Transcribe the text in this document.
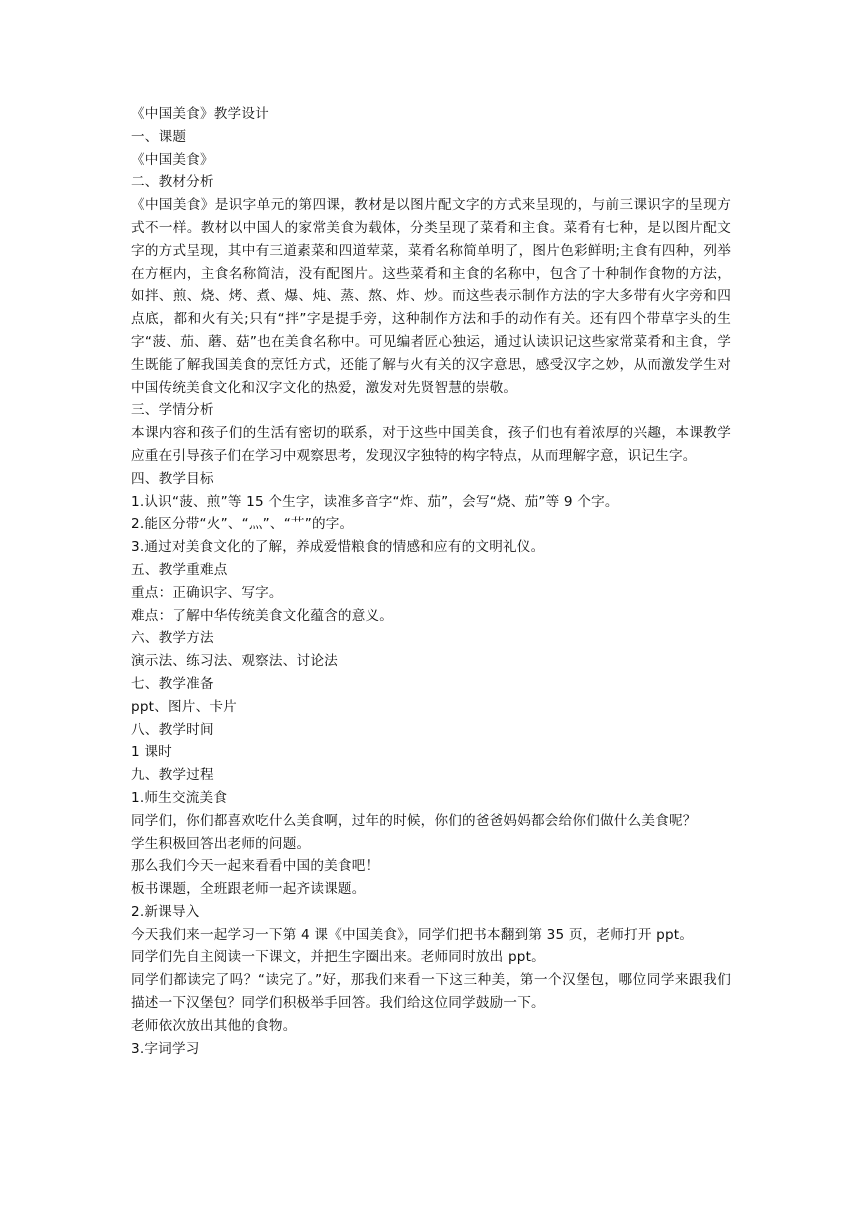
《中国美食》教学设计

一、课题

《中国美食》

二、教材分析

《中国美食》是识字单元的第四课，教材是以图片配文字的方式来呈现的，与前三课识字的呈现方式不一样。教材以中国人的家常美食为载体，分类呈现了菜肴和主食。菜肴有七种，是以图片配文字的方式呈现，其中有三道素菜和四道荤菜，菜肴名称简单明了，图片色彩鲜明;主食有四种，列举在方框内，主食名称简洁，没有配图片。这些菜肴和主食的名称中，包含了十种制作食物的方法，如拌、煎、烧、烤、煮、爆、炖、蒸、熬、炸、炒。而这些表示制作方法的字大多带有火字旁和四点底，都和火有关;只有“拌”字是提手旁，这种制作方法和手的动作有关。还有四个带草字头的生字“菠、茄、蘑、菇”也在美食名称中。可见编者匠心独运，通过认读识记这些家常菜肴和主食，学生既能了解我国美食的烹饪方式，还能了解与火有关的汉字意思，感受汉字之妙，从而激发学生对中国传统美食文化和汉字文化的热爱，激发对先贤智慧的崇敬。

三、学情分析

本课内容和孩子们的生活有密切的联系，对于这些中国美食，孩子们也有着浓厚的兴趣，本课教学应重在引导孩子们在学习中观察思考，发现汉字独特的构字特点，从而理解字意，识记生字。

四、教学目标

1.认识“菠、煎”等 15 个生字，读准多音字“炸、茄”，会写“烧、茄”等 9 个字。

2.能区分带“火”、“灬”、“艹”的字。

3.通过对美食文化的了解，养成爱惜粮食的情感和应有的文明礼仪。

五、教学重难点

重点：正确识字、写字。

难点：了解中华传统美食文化蕴含的意义。

六、教学方法

演示法、练习法、观察法、讨论法

七、教学准备

ppt、图片、卡片

八、教学时间

1 课时

九、教学过程

1.师生交流美食

同学们，你们都喜欢吃什么美食啊，过年的时候，你们的爸爸妈妈都会给你们做什么美食呢？

学生积极回答出老师的问题。

那么我们今天一起来看看中国的美食吧！

板书课题，全班跟老师一起齐读课题。

2.新课导入

今天我们来一起学习一下第 4 课《中国美食》，同学们把书本翻到第 35 页，老师打开 ppt。

同学们先自主阅读一下课文，并把生字圈出来。老师同时放出 ppt。

同学们都读完了吗？“读完了。”好，那我们来看一下这三种美，第一个汉堡包，哪位同学来跟我们描述一下汉堡包？同学们积极举手回答。我们给这位同学鼓励一下。

老师依次放出其他的食物。

3.字词学习
